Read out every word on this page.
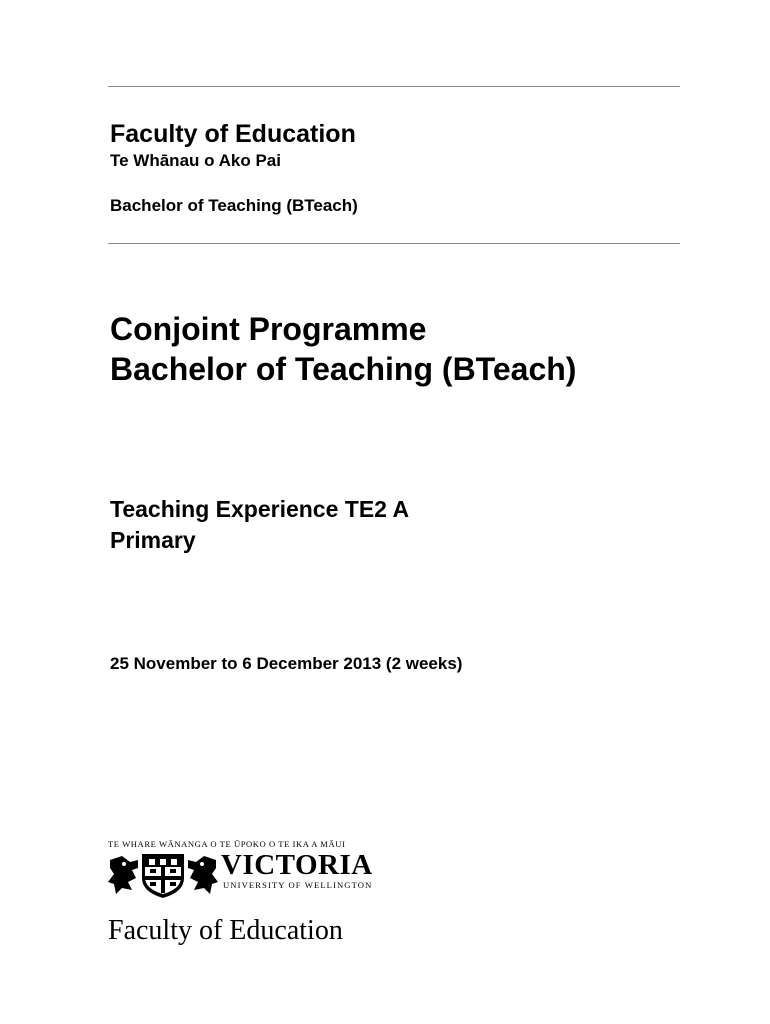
Faculty of Education
Te Whānau o Ako Pai
Bachelor of Teaching (BTeach)
Conjoint Programme
Bachelor of Teaching (BTeach)
Teaching Experience TE2 A
Primary
25 November to 6 December 2013 (2 weeks)
TE WHARE WĀNANGA O TE ŪPOKO O TE IKA A MĀUI
VICTORIA
UNIVERSITY OF WELLINGTON
Faculty of Education
